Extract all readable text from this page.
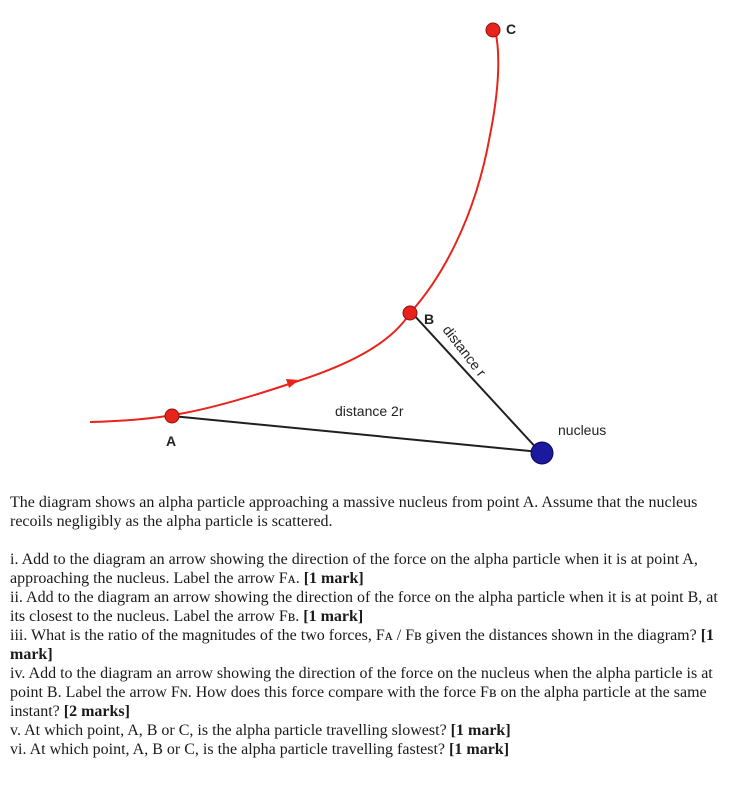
A
B
C
distance 2r
distance r
nucleus

The diagram shows an alpha particle approaching a massive nucleus from point A. Assume that the nucleus recoils negligibly as the alpha particle is scattered.

i. Add to the diagram an arrow showing the direction of the force on the alpha particle when it is at point A, approaching the nucleus. Label the arrow Fᴀ. [1 mark]
ii. Add to the diagram an arrow showing the direction of the force on the alpha particle when it is at point B, at its closest to the nucleus. Label the arrow Fʙ. [1 mark]
iii. What is the ratio of the magnitudes of the two forces, Fᴀ / Fʙ given the distances shown in the diagram? [1 mark]
iv. Add to the diagram an arrow showing the direction of the force on the nucleus when the alpha particle is at point B. Label the arrow Fɴ. How does this force compare with the force Fʙ on the alpha particle at the same instant? [2 marks]
v. At which point, A, B or C, is the alpha particle travelling slowest? [1 mark]
vi. At which point, A, B or C, is the alpha particle travelling fastest? [1 mark]
